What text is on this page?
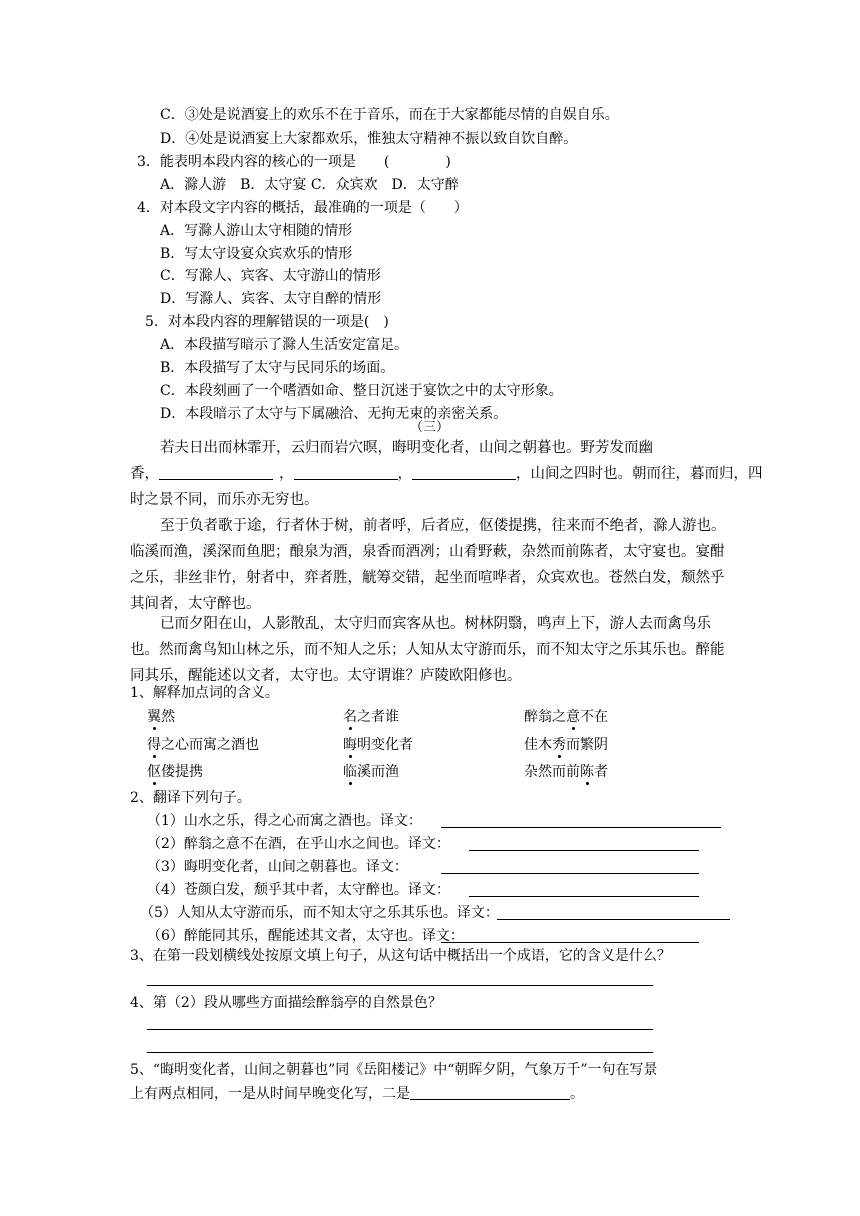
C．③处是说酒宴上的欢乐不在于音乐，而在于大家都能尽情的自娱自乐。
D．④处是说酒宴上大家都欢乐，惟独太守精神不振以致自饮自醉。
3．能表明本段内容的核心的一项是　　(　　　　)
A．滁人游　B．太守宴 C．众宾欢　D．太守醉
4．对本段文字内容的概括，最准确的一项是（　　）
A．写滁人游山太守相随的情形
B．写太守设宴众宾欢乐的情形
C．写滁人、宾客、太守游山的情形
D．写滁人、宾客、太守自醉的情形
5．对本段内容的理解错误的一项是(　)
A．本段描写暗示了滁人生活安定富足。
B．本段描写了太守与民同乐的场面。
C．本段刻画了一个嗜酒如命、整日沉迷于宴饮之中的太守形象。
D．本段暗示了太守与下属融洽、无拘无束的亲密关系。
（三）
若夫日出而林霏开，云归而岩穴暝，晦明变化者，山间之朝暮也。野芳发而幽
香，	，	，	，山间之四时也。朝而往，暮而归，四
时之景不同，而乐亦无穷也。
至于负者歌于途，行者休于树，前者呼，后者应，伛偻提携，往来而不绝者，滁人游也。临溪而渔，溪深而鱼肥；酿泉为酒，泉香而酒冽；山肴野蔌，杂然而前陈者，太守宴也。宴酣之乐，非丝非竹，射者中，弈者胜，觥筹交错，起坐而喧哗者，众宾欢也。苍然白发，颓然乎其间者，太守醉也。
已而夕阳在山，人影散乱，太守归而宾客从也。树林阴翳，鸣声上下，游人去而禽鸟乐也。然而禽鸟知山林之乐，而不知人之乐；人知从太守游而乐，而不知太守之乐其乐也。醉能同其乐，醒能述以文者，太守也。太守谓谁？庐陵欧阳修也。
1、解释加点词的含义。
翼然	名之者谁	醉翁之意不在
得之心而寓之酒也	晦明变化者	佳木秀而繁阴
伛偻提携	临溪而渔	杂然而前陈者
2、翻译下列句子。
（1）山水之乐，得之心而寓之酒也。译文：
（2）醉翁之意不在酒，在乎山水之间也。译文：
（3）晦明变化者，山间之朝暮也。译文：
（4）苍颜白发，颓乎其中者，太守醉也。译文：
（5）人知从太守游而乐，而不知太守之乐其乐也。译文：
（6）醉能同其乐，醒能述其文者，太守也。译文：
3、在第一段划横线处按原文填上句子，从这句话中概括出一个成语，它的含义是什么？
4、第（2）段从哪些方面描绘醉翁亭的自然景色？
5、“晦明变化者，山间之朝暮也”同《岳阳楼记》中“朝晖夕阴，气象万千”一句在写景
上有两点相同，一是从时间早晚变化写，二是	。
